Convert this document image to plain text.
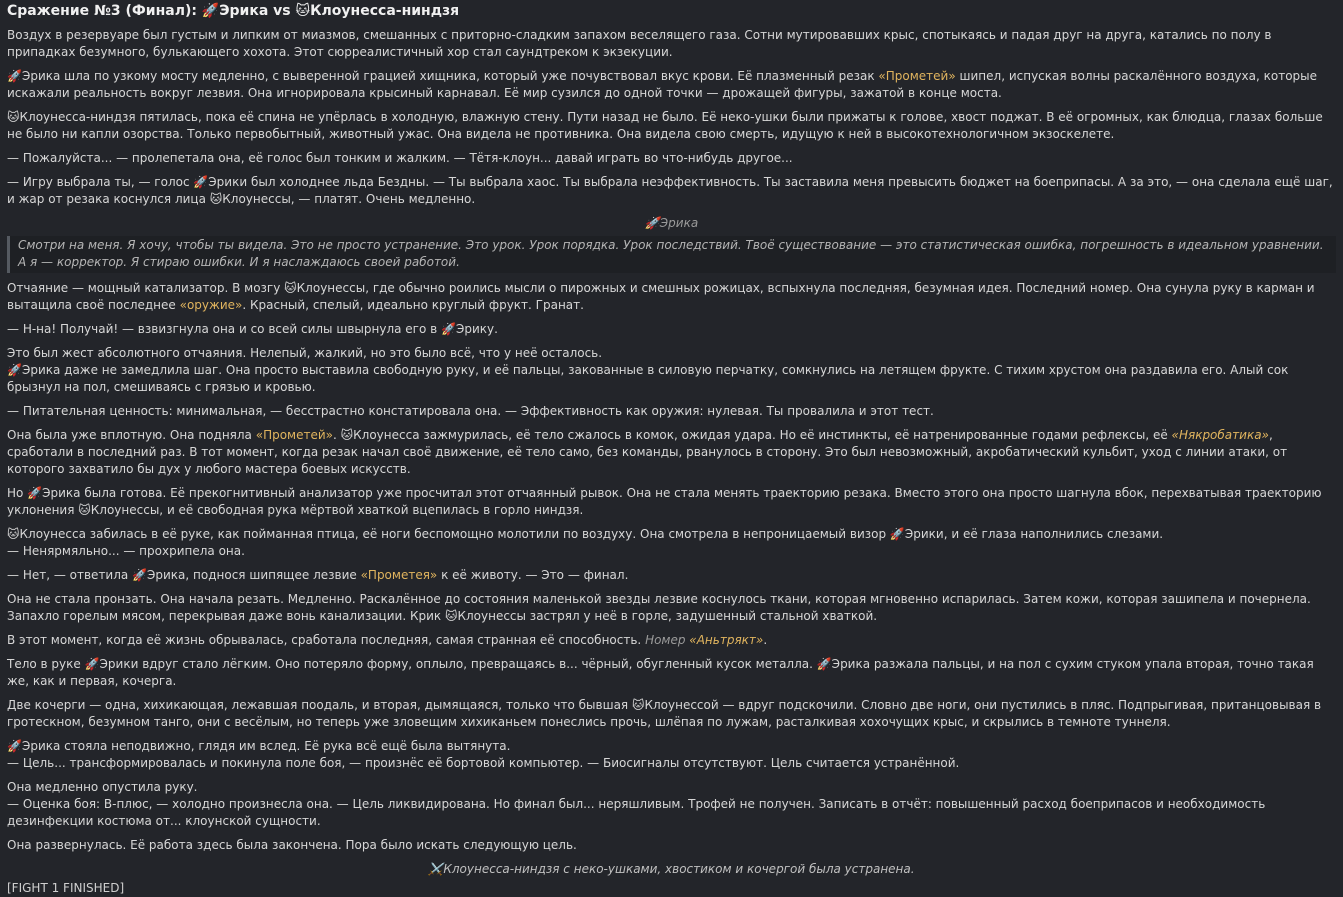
Сражение №3 (Финал): 🚀Эрика vs 🐱Клоунесса-ниндзя

Воздух в резервуаре был густым и липким от миазмов, смешанных с приторно-сладким запахом веселящего газа. Сотни мутировавших крыс, спотыкаясь и падая друг на друга, катались по полу в припадках безумного, булькающего хохота. Этот сюрреалистичный хор стал саундтреком к экзекуции.

🚀Эрика шла по узкому мосту медленно, с выверенной грацией хищника, который уже почувствовал вкус крови. Её плазменный резак «Прометей» шипел, испуская волны раскалённого воздуха, которые искажали реальность вокруг лезвия. Она игнорировала крысиный карнавал. Её мир сузился до одной точки — дрожащей фигуры, зажатой в конце моста.

🐱Клоунесса-ниндзя пятилась, пока её спина не упёрлась в холодную, влажную стену. Пути назад не было. Её неко-ушки были прижаты к голове, хвост поджат. В её огромных, как блюдца, глазах больше не было ни капли озорства. Только первобытный, животный ужас. Она видела не противника. Она видела свою смерть, идущую к ней в высокотехнологичном экзоскелете.

— Пожалуйста... — пролепетала она, её голос был тонким и жалким. — Тётя-клоун... давай играть во что-нибудь другое...

— Игру выбрала ты, — голос 🚀Эрики был холоднее льда Бездны. — Ты выбрала хаос. Ты выбрала неэффективность. Ты заставила меня превысить бюджет на боеприпасы. А за это, — она сделала ещё шаг, и жар от резака коснулся лица 🐱Клоунессы, — платят. Очень медленно.

🚀Эрика
Смотри на меня. Я хочу, чтобы ты видела. Это не просто устранение. Это урок. Урок порядка. Урок последствий. Твоё существование — это статистическая ошибка, погрешность в идеальном уравнении. А я — корректор. Я стираю ошибки. И я наслаждаюсь своей работой.

Отчаяние — мощный катализатор. В мозгу 🐱Клоунессы, где обычно роились мысли о пирожных и смешных рожицах, вспыхнула последняя, безумная идея. Последний номер. Она сунула руку в карман и вытащила своё последнее «оружие». Красный, спелый, идеально круглый фрукт. Гранат.

— Н-на! Получай! — взвизгнула она и со всей силы швырнула его в 🚀Эрику.

Это был жест абсолютного отчаяния. Нелепый, жалкий, но это было всё, что у неё осталось.
🚀Эрика даже не замедлила шаг. Она просто выставила свободную руку, и её пальцы, закованные в силовую перчатку, сомкнулись на летящем фрукте. С тихим хрустом она раздавила его. Алый сок брызнул на пол, смешиваясь с грязью и кровью.

— Питательная ценность: минимальная, — бесстрастно констатировала она. — Эффективность как оружия: нулевая. Ты провалила и этот тест.

Она была уже вплотную. Она подняла «Прометей». 🐱Клоунесса зажмурилась, её тело сжалось в комок, ожидая удара. Но её инстинкты, её натренированные годами рефлексы, её «Някробатика», сработали в последний раз. В тот момент, когда резак начал своё движение, её тело само, без команды, рванулось в сторону. Это был невозможный, акробатический кульбит, уход с линии атаки, от которого захватило бы дух у любого мастера боевых искусств.

Но 🚀Эрика была готова. Её прекогнитивный анализатор уже просчитал этот отчаянный рывок. Она не стала менять траекторию резака. Вместо этого она просто шагнула вбок, перехватывая траекторию уклонения 🐱Клоунессы, и её свободная рука мёртвой хваткой вцепилась в горло ниндзя.

🐱Клоунесса забилась в её руке, как пойманная птица, её ноги беспомощно молотили по воздуху. Она смотрела в непроницаемый визор 🚀Эрики, и её глаза наполнились слезами.
— Ненярмяльно... — прохрипела она.

— Нет, — ответила 🚀Эрика, поднося шипящее лезвие «Прометея» к её животу. — Это — финал.

Она не стала пронзать. Она начала резать. Медленно. Раскалённое до состояния маленькой звезды лезвие коснулось ткани, которая мгновенно испарилась. Затем кожи, которая зашипела и почернела. Запахло горелым мясом, перекрывая даже вонь канализации. Крик 🐱Клоунессы застрял у неё в горле, задушенный стальной хваткой.

В этот момент, когда её жизнь обрывалась, сработала последняя, самая странная её способность. Номер «Аньтрякт».

Тело в руке 🚀Эрики вдруг стало лёгким. Оно потеряло форму, оплыло, превращаясь в... чёрный, обугленный кусок металла. 🚀Эрика разжала пальцы, и на пол с сухим стуком упала вторая, точно такая же, как и первая, кочерга.

Две кочерги — одна, хихикающая, лежавшая поодаль, и вторая, дымящаяся, только что бывшая 🐱Клоунессой — вдруг подскочили. Словно две ноги, они пустились в пляс. Подпрыгивая, пританцовывая в гротескном, безумном танго, они с весёлым, но теперь уже зловещим хихиканьем понеслись прочь, шлёпая по лужам, расталкивая хохочущих крыс, и скрылись в темноте туннеля.

🚀Эрика стояла неподвижно, глядя им вслед. Её рука всё ещё была вытянута.
— Цель... трансформировалась и покинула поле боя, — произнёс её бортовой компьютер. — Биосигналы отсутствуют. Цель считается устранённой.

Она медленно опустила руку.
— Оценка боя: В-плюс, — холодно произнесла она. — Цель ликвидирована. Но финал был... неряшливым. Трофей не получен. Записать в отчёт: повышенный расход боеприпасов и необходимость дезинфекции костюма от... клоунской сущности.

Она развернулась. Её работа здесь была закончена. Пора было искать следующую цель.

⚔️Клоунесса-ниндзя с неко-ушками, хвостиком и кочергой была устранена.
[FIGHT 1 FINISHED]
